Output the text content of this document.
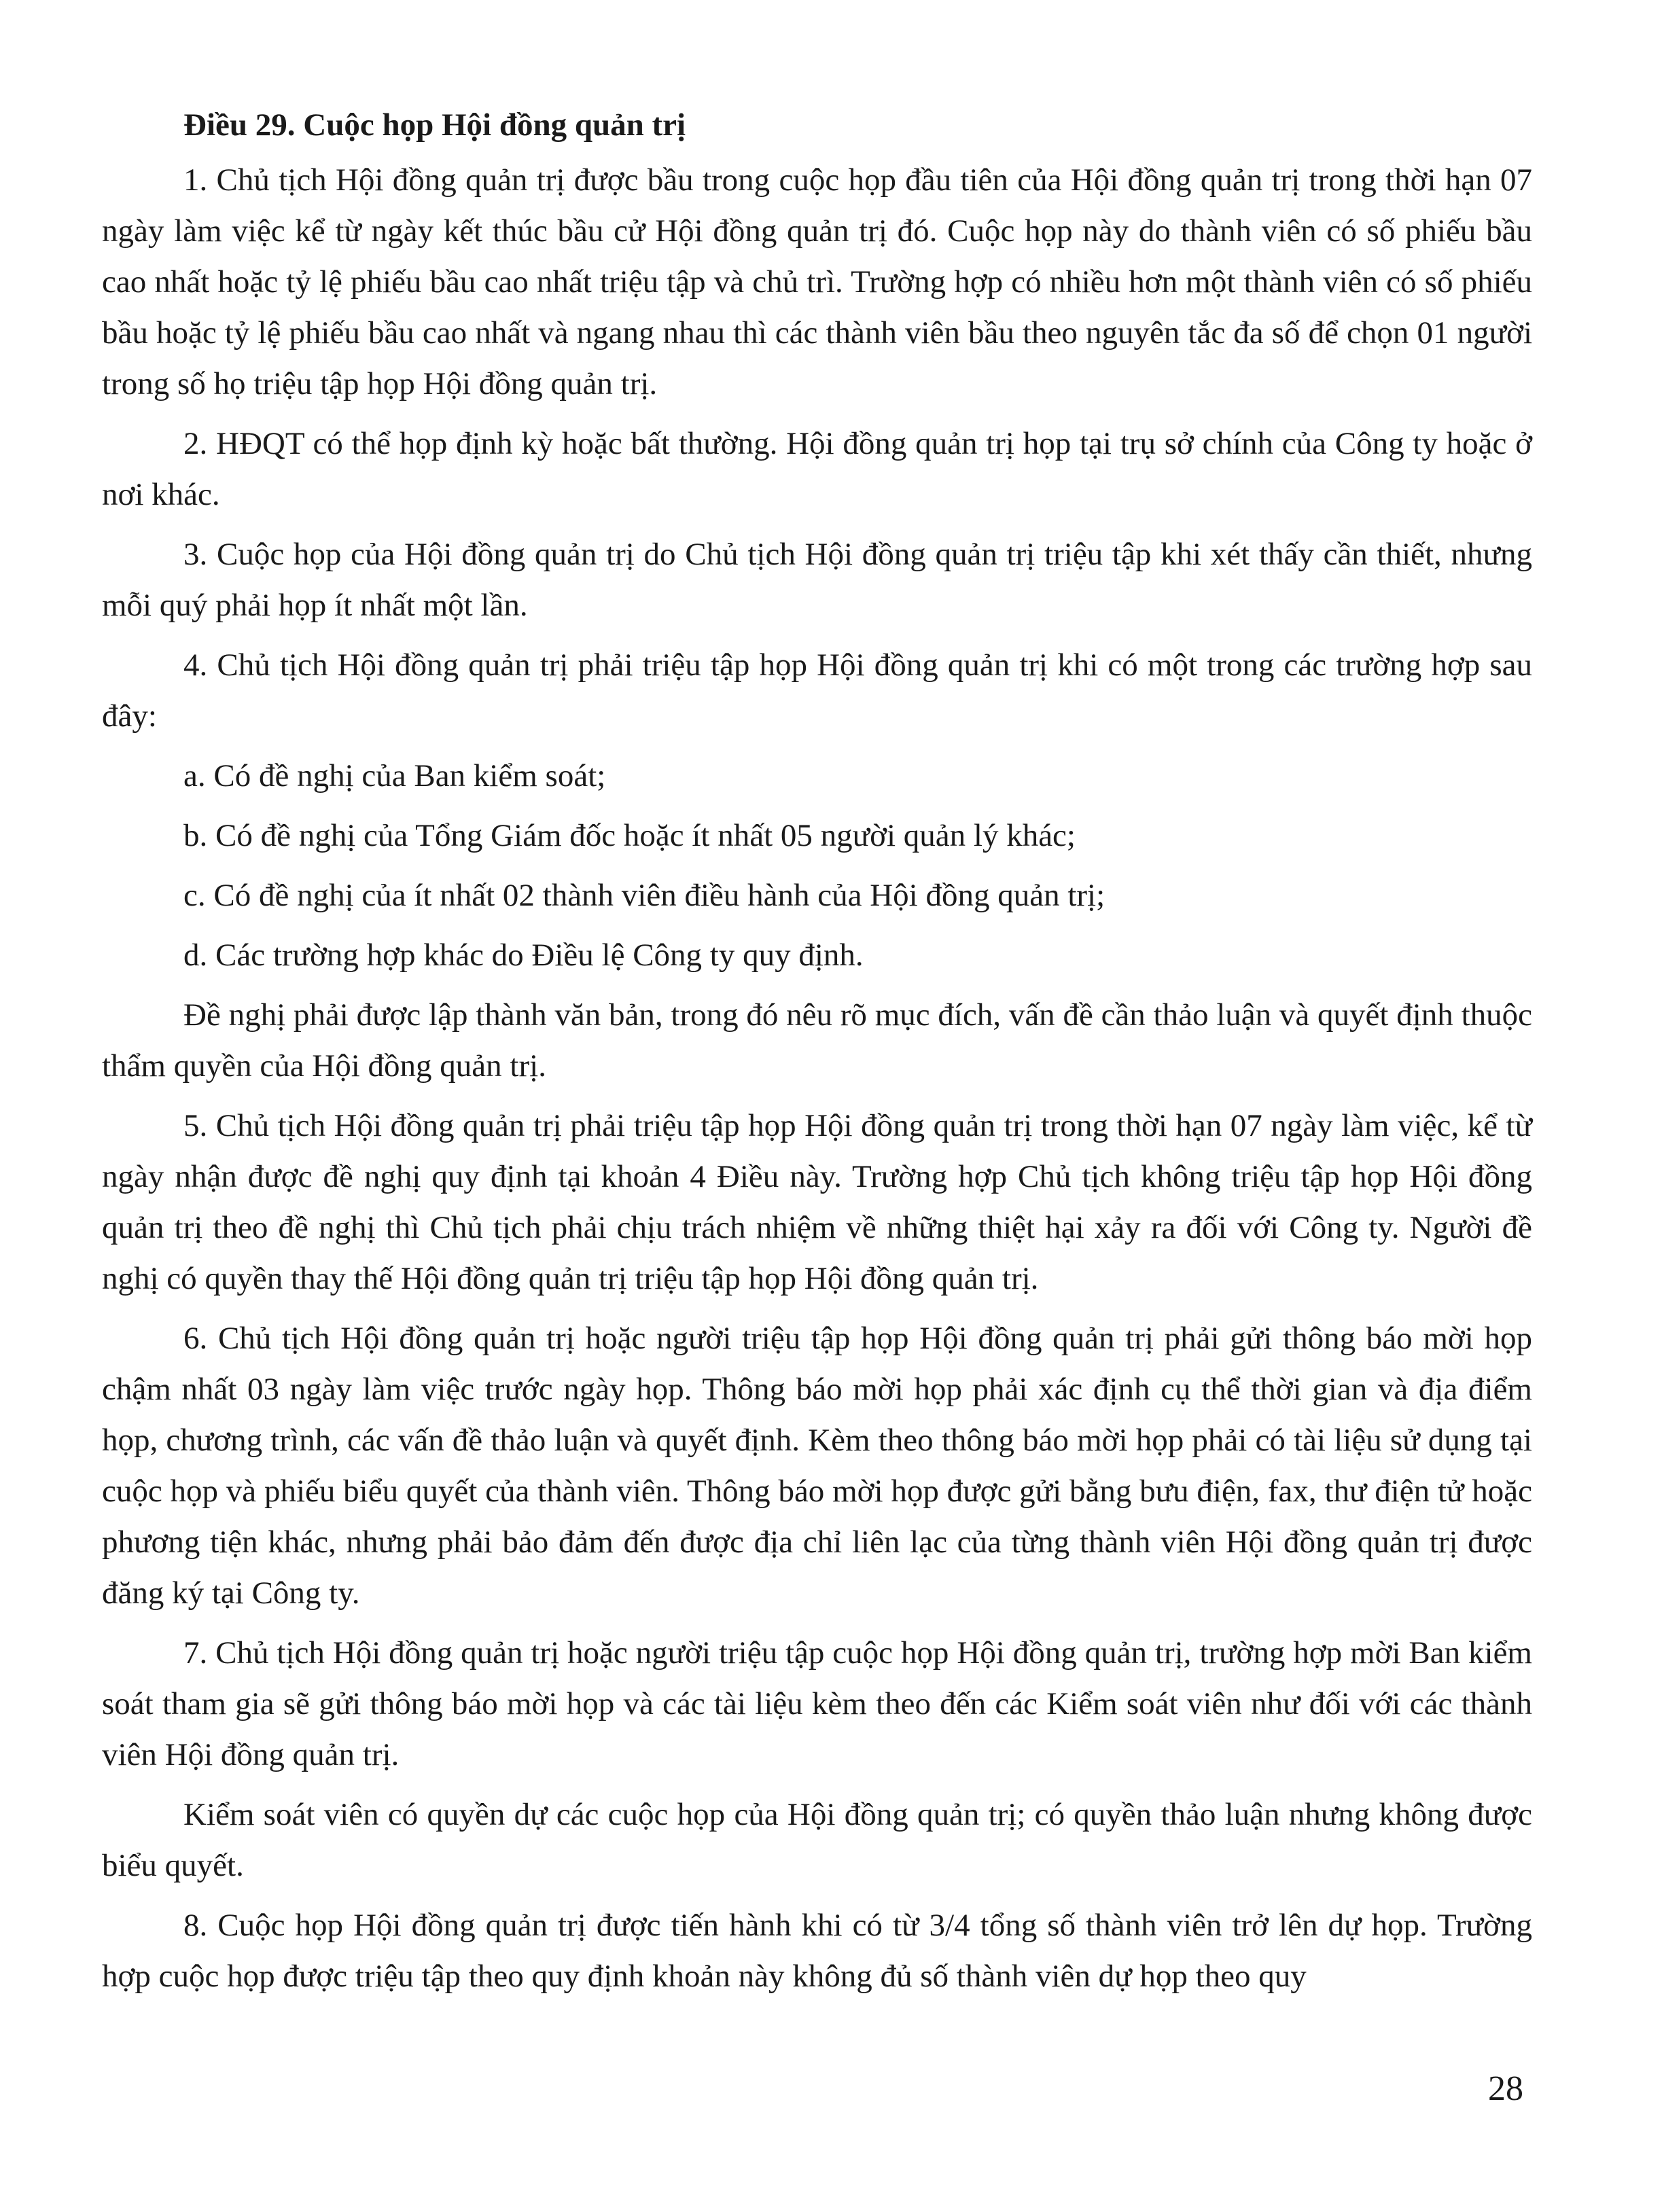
Điều 29. Cuộc họp Hội đồng quản trị

1. Chủ tịch Hội đồng quản trị được bầu trong cuộc họp đầu tiên của Hội đồng quản trị trong thời hạn 07 ngày làm việc kể từ ngày kết thúc bầu cử Hội đồng quản trị đó. Cuộc họp này do thành viên có số phiếu bầu cao nhất hoặc tỷ lệ phiếu bầu cao nhất triệu tập và chủ trì. Trường hợp có nhiều hơn một thành viên có số phiếu bầu hoặc tỷ lệ phiếu bầu cao nhất và ngang nhau thì các thành viên bầu theo nguyên tắc đa số để chọn 01 người trong số họ triệu tập họp Hội đồng quản trị.

2. HĐQT có thể họp định kỳ hoặc bất thường. Hội đồng quản trị họp tại trụ sở chính của Công ty hoặc ở nơi khác.

3. Cuộc họp của Hội đồng quản trị do Chủ tịch Hội đồng quản trị triệu tập khi xét thấy cần thiết, nhưng mỗi quý phải họp ít nhất một lần.

4. Chủ tịch Hội đồng quản trị phải triệu tập họp Hội đồng quản trị khi có một trong các trường hợp sau đây:

a. Có đề nghị của Ban kiểm soát;

b. Có đề nghị của Tổng Giám đốc hoặc ít nhất 05 người quản lý khác;

c. Có đề nghị của ít nhất 02 thành viên điều hành của Hội đồng quản trị;

d. Các trường hợp khác do Điều lệ Công ty quy định.

Đề nghị phải được lập thành văn bản, trong đó nêu rõ mục đích, vấn đề cần thảo luận và quyết định thuộc thẩm quyền của Hội đồng quản trị.

5. Chủ tịch Hội đồng quản trị phải triệu tập họp Hội đồng quản trị trong thời hạn 07 ngày làm việc, kể từ ngày nhận được đề nghị quy định tại khoản 4 Điều này. Trường hợp Chủ tịch không triệu tập họp Hội đồng quản trị theo đề nghị thì Chủ tịch phải chịu trách nhiệm về những thiệt hại xảy ra đối với Công ty. Người đề nghị có quyền thay thế Hội đồng quản trị triệu tập họp Hội đồng quản trị.

6. Chủ tịch Hội đồng quản trị hoặc người triệu tập họp Hội đồng quản trị phải gửi thông báo mời họp chậm nhất 03 ngày làm việc trước ngày họp. Thông báo mời họp phải xác định cụ thể thời gian và địa điểm họp, chương trình, các vấn đề thảo luận và quyết định. Kèm theo thông báo mời họp phải có tài liệu sử dụng tại cuộc họp và phiếu biểu quyết của thành viên. Thông báo mời họp được gửi bằng bưu điện, fax, thư điện tử hoặc phương tiện khác, nhưng phải bảo đảm đến được địa chỉ liên lạc của từng thành viên Hội đồng quản trị được đăng ký tại Công ty.

7. Chủ tịch Hội đồng quản trị hoặc người triệu tập cuộc họp Hội đồng quản trị, trường hợp mời Ban kiểm soát tham gia sẽ gửi thông báo mời họp và các tài liệu kèm theo đến các Kiểm soát viên như đối với các thành viên Hội đồng quản trị.

Kiểm soát viên có quyền dự các cuộc họp của Hội đồng quản trị; có quyền thảo luận nhưng không được biểu quyết.

8. Cuộc họp Hội đồng quản trị được tiến hành khi có từ 3/4 tổng số thành viên trở lên dự họp. Trường hợp cuộc họp được triệu tập theo quy định khoản này không đủ số thành viên dự họp theo quy

28
